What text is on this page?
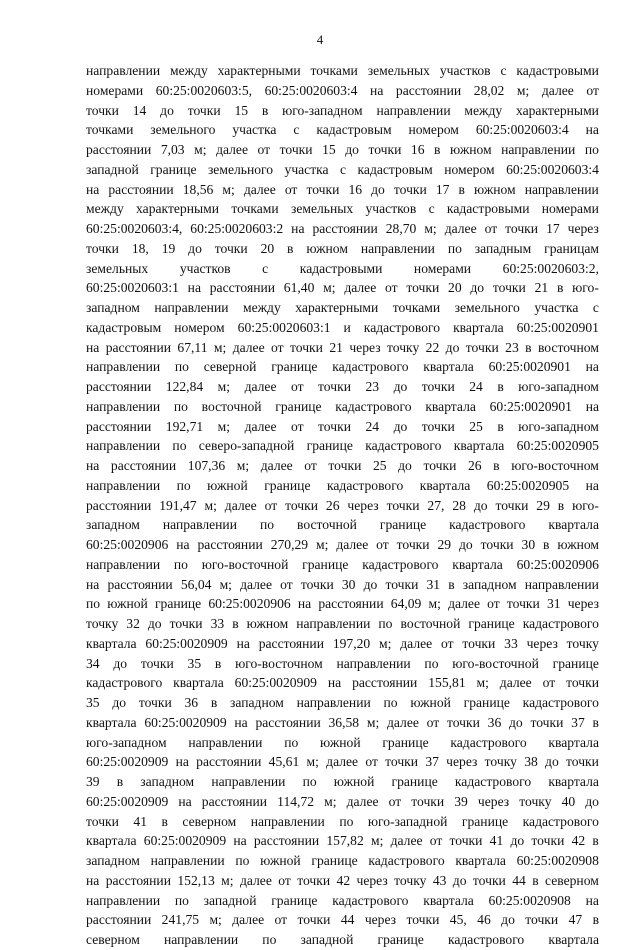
4
направлении между характерными точками земельных участков с кадастровыми
номерами 60:25:0020603:5, 60:25:0020603:4 на расстоянии 28,02 м; далее от
точки 14 до точки 15 в юго-западном направлении между характерными
точками земельного участка с кадастровым номером 60:25:0020603:4 на
расстоянии 7,03 м; далее от точки 15 до точки 16 в южном направлении по
западной границе земельного участка с кадастровым номером 60:25:0020603:4
на расстоянии 18,56 м; далее от точки 16 до точки 17 в южном направлении
между характерными точками земельных участков с кадастровыми номерами
60:25:0020603:4, 60:25:0020603:2 на расстоянии 28,70 м; далее от точки 17 через
точки 18, 19 до точки 20 в южном направлении по западным границам
земельных участков с кадастровыми номерами 60:25:0020603:2,
60:25:0020603:1 на расстоянии 61,40 м; далее от точки 20 до точки 21 в юго-
западном направлении между характерными точками земельного участка с
кадастровым номером 60:25:0020603:1 и кадастрового квартала 60:25:0020901
на расстоянии 67,11 м; далее от точки 21 через точку 22 до точки 23 в восточном
направлении по северной границе кадастрового квартала 60:25:0020901 на
расстоянии 122,84 м; далее от точки 23 до точки 24 в юго-западном
направлении по восточной границе кадастрового квартала 60:25:0020901 на
расстоянии 192,71 м; далее от точки 24 до точки 25 в юго-западном
направлении по северо-западной границе кадастрового квартала 60:25:0020905
на расстоянии 107,36 м; далее от точки 25 до точки 26 в юго-восточном
направлении по южной границе кадастрового квартала 60:25:0020905 на
расстоянии 191,47 м; далее от точки 26 через точки 27, 28 до точки 29 в юго-
западном направлении по восточной границе кадастрового квартала
60:25:0020906 на расстоянии 270,29 м; далее от точки 29 до точки 30 в южном
направлении по юго-восточной границе кадастрового квартала 60:25:0020906
на расстоянии 56,04 м; далее от точки 30 до точки 31 в западном направлении
по южной границе 60:25:0020906 на расстоянии 64,09 м; далее от точки 31 через
точку 32 до точки 33 в южном направлении по восточной границе кадастрового
квартала 60:25:0020909 на расстоянии 197,20 м; далее от точки 33 через точку
34 до точки 35 в юго-восточном направлении по юго-восточной границе
кадастрового квартала 60:25:0020909 на расстоянии 155,81 м; далее от точки
35 до точки 36 в западном направлении по южной границе кадастрового
квартала 60:25:0020909 на расстоянии 36,58 м; далее от точки 36 до точки 37 в
юго-западном направлении по южной границе кадастрового квартала
60:25:0020909 на расстоянии 45,61 м; далее от точки 37 через точку 38 до точки
39 в западном направлении по южной границе кадастрового квартала
60:25:0020909 на расстоянии 114,72 м; далее от точки 39 через точку 40 до
точки 41 в северном направлении по юго-западной границе кадастрового
квартала 60:25:0020909 на расстоянии 157,82 м; далее от точки 41 до точки 42 в
западном направлении по южной границе кадастрового квартала 60:25:0020908
на расстоянии 152,13 м; далее от точки 42 через точку 43 до точки 44 в северном
направлении по западной границе кадастрового квартала 60:25:0020908 на
расстоянии 241,75 м; далее от точки 44 через точки 45, 46 до точки 47 в
северном направлении по западной границе кадастрового квартала
